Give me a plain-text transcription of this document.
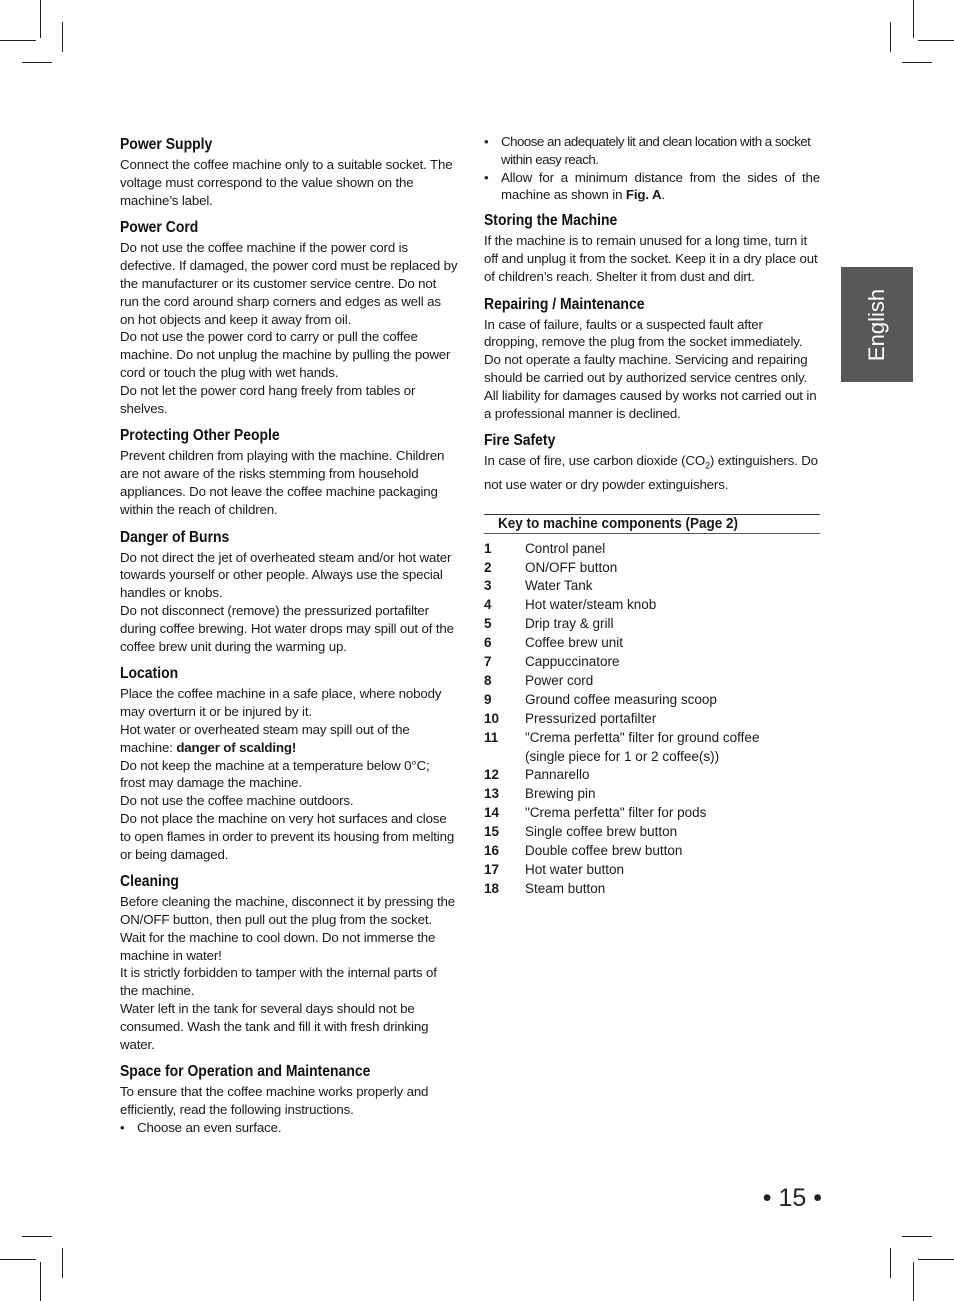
Power Supply

Connect the coffee machine only to a suitable socket. The voltage must correspond to the value shown on the machine’s label.

Power Cord

Do not use the coffee machine if the power cord is defective. If damaged, the power cord must be replaced by the manufacturer or its customer service centre. Do not run the cord around sharp corners and edges as well as on hot objects and keep it away from oil.

Do not use the power cord to carry or pull the coffee machine. Do not unplug the machine by pulling the power cord or touch the plug with wet hands.

Do not let the power cord hang freely from tables or shelves.

Protecting Other People

Prevent children from playing with the machine. Children are not aware of the risks stemming from household appliances. Do not leave the coffee machine packaging within the reach of children.

Danger of Burns

Do not direct the jet of overheated steam and/or hot water towards yourself or other people. Always use the special handles or knobs.

Do not disconnect (remove) the pressurized portafilter during coffee brewing. Hot water drops may spill out of the coffee brew unit during the warming up.

Location

Place the coffee machine in a safe place, where nobody may overturn it or be injured by it.

Hot water or overheated steam may spill out of the machine: danger of scalding!

Do not keep the machine at a temperature below 0°C; frost may damage the machine.

Do not use the coffee machine outdoors.

Do not place the machine on very hot surfaces and close to open flames in order to prevent its housing from melting or being damaged.

Cleaning

Before cleaning the machine, disconnect it by pressing the ON/OFF button, then pull out the plug from the socket. Wait for the machine to cool down. Do not immerse the machine in water!

It is strictly forbidden to tamper with the internal parts of the machine.

Water left in the tank for several days should not be consumed. Wash the tank and fill it with fresh drinking water.

Space for Operation and Maintenance

To ensure that the coffee machine works properly and efficiently, read the following instructions.

• Choose an even surface.
• Choose an adequately lit and clean location with a socket within easy reach.
• Allow for a minimum distance from the sides of the machine as shown in Fig. A.
Storing the Machine

If the machine is to remain unused for a long time, turn it off and unplug it from the socket. Keep it in a dry place out of children’s reach. Shelter it from dust and dirt.

Repairing / Maintenance

In case of failure, faults or a suspected fault after dropping, remove the plug from the socket immediately. Do not operate a faulty machine. Servicing and repairing should be carried out by authorized service centres only. All liability for damages caused by works not carried out in a professional manner is declined.

Fire Safety

In case of fire, use carbon dioxide $(CO_2)$ extinguishers. Do not use water or dry powder extinguishers.

Key to machine components (Page 2)
1	Control panel
2	ON/OFF button
3	Water Tank
4	Hot water/steam knob
5	Drip tray & grill
6	Coffee brew unit
7	Cappuccinatore
8	Power cord
9	Ground coffee measuring scoop
10	Pressurized portafilter
11	"Crema perfetta" filter for ground coffee
(single piece for 1 or 2 coffee(s))
12	Pannarello
13	Brewing pin
14	"Crema perfetta" filter for pods
15	Single coffee brew button
16	Double coffee brew button
17	Hot water button
18	Steam button
English
• 15 •
